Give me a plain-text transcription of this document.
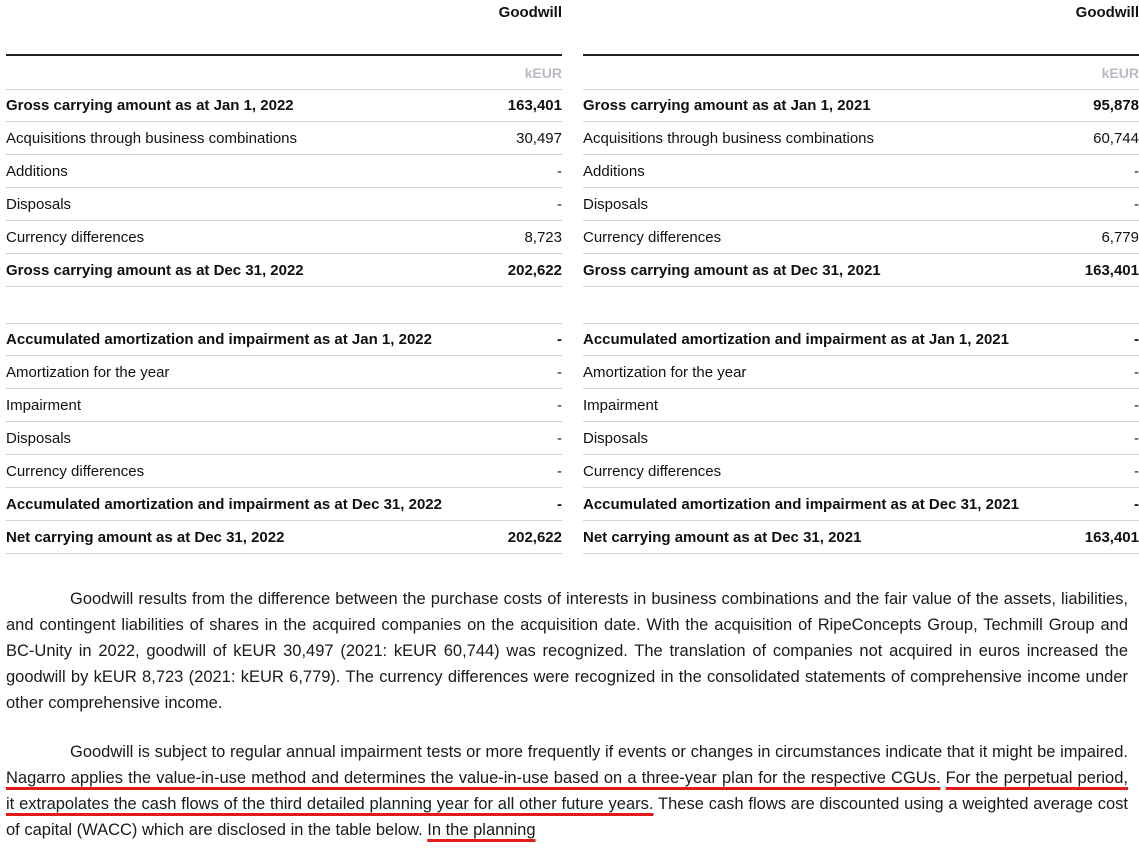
Goodwill
kEUR
Gross carrying amount as at Jan 1, 2022	163,401
Acquisitions through business combinations	30,497
Additions	-
Disposals	-
Currency differences	8,723
Gross carrying amount as at Dec 31, 2022	202,622
Accumulated amortization and impairment as at Jan 1, 2022	-
Amortization for the year	-
Impairment	-
Disposals	-
Currency differences	-
Accumulated amortization and impairment as at Dec 31, 2022	-
Net carrying amount as at Dec 31, 2022	202,622
Goodwill
kEUR
Gross carrying amount as at Jan 1, 2021	95,878
Acquisitions through business combinations	60,744
Additions	-
Disposals	-
Currency differences	6,779
Gross carrying amount as at Dec 31, 2021	163,401
Accumulated amortization and impairment as at Jan 1, 2021	-
Amortization for the year	-
Impairment	-
Disposals	-
Currency differences	-
Accumulated amortization and impairment as at Dec 31, 2021	-
Net carrying amount as at Dec 31, 2021	163,401
Goodwill results from the difference between the purchase costs of interests in business combinations and the fair value of the assets, liabilities, and contingent liabilities of shares in the acquired companies on the acquisition date. With the acquisition of RipeConcepts Group, Techmill Group and BC-Unity in 2022, goodwill of kEUR 30,497 (2021: kEUR 60,744) was recognized. The translation of companies not acquired in euros increased the goodwill by kEUR 8,723 (2021: kEUR 6,779). The currency differences were recognized in the consolidated statements of comprehensive income under other comprehensive income.
Goodwill is subject to regular annual impairment tests or more frequently if events or changes in circumstances indicate that it might be impaired. Nagarro applies the value-in-use method and determines the value-in-use based on a three-year plan for the respective CGUs. For the perpetual period, it extrapolates the cash flows of the third detailed planning year for all other future years. These cash flows are discounted using a weighted average cost of capital (WACC) which are disclosed in the table below. In the planning
